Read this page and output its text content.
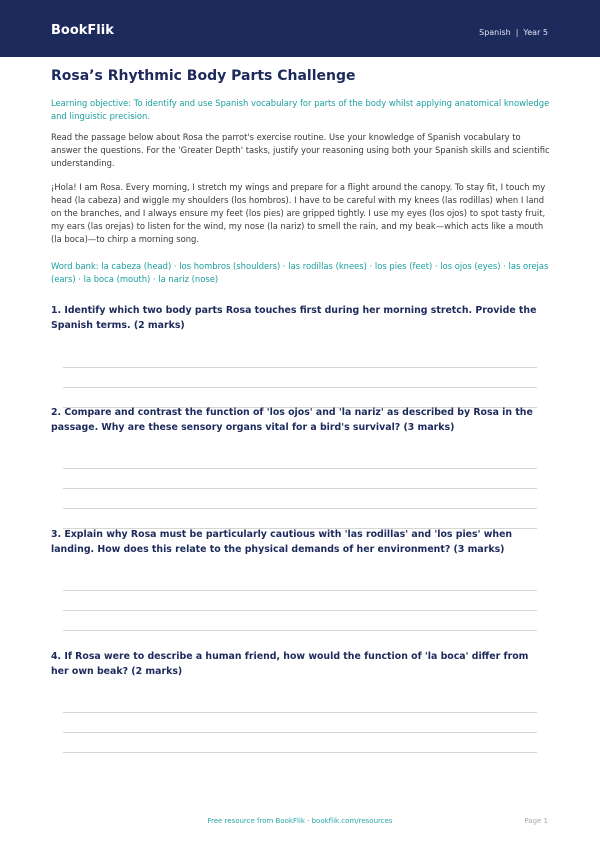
BookFlik	Spanish | Year 5
Rosa’s Rhythmic Body Parts Challenge

Learning objective: To identify and use Spanish vocabulary for parts of the body whilst applying anatomical knowledge and linguistic precision.

Read the passage below about Rosa the parrot's exercise routine. Use your knowledge of Spanish vocabulary to answer the questions. For the 'Greater Depth' tasks, justify your reasoning using both your Spanish skills and scientific understanding.

¡Hola! I am Rosa. Every morning, I stretch my wings and prepare for a flight around the canopy. To stay fit, I touch my head (la cabeza) and wiggle my shoulders (los hombros). I have to be careful with my knees (las rodillas) when I land on the branches, and I always ensure my feet (los pies) are gripped tightly. I use my eyes (los ojos) to spot tasty fruit, my ears (las orejas) to listen for the wind, my nose (la nariz) to smell the rain, and my beak—which acts like a mouth (la boca)—to chirp a morning song.

Word bank: la cabeza (head) · los hombros (shoulders) · las rodillas (knees) · los pies (feet) · los ojos (eyes) · las orejas (ears) · la boca (mouth) · la nariz (nose)

1. Identify which two body parts Rosa touches first during her morning stretch. Provide the Spanish terms. (2 marks)

2. Compare and contrast the function of 'los ojos' and 'la nariz' as described by Rosa in the passage. Why are these sensory organs vital for a bird's survival? (3 marks)

3. Explain why Rosa must be particularly cautious with 'las rodillas' and 'los pies' when landing. How does this relate to the physical demands of her environment? (3 marks)

4. If Rosa were to describe a human friend, how would the function of 'la boca' differ from her own beak? (2 marks)

Free resource from BookFlik · bookflik.com/resources	Page 1
